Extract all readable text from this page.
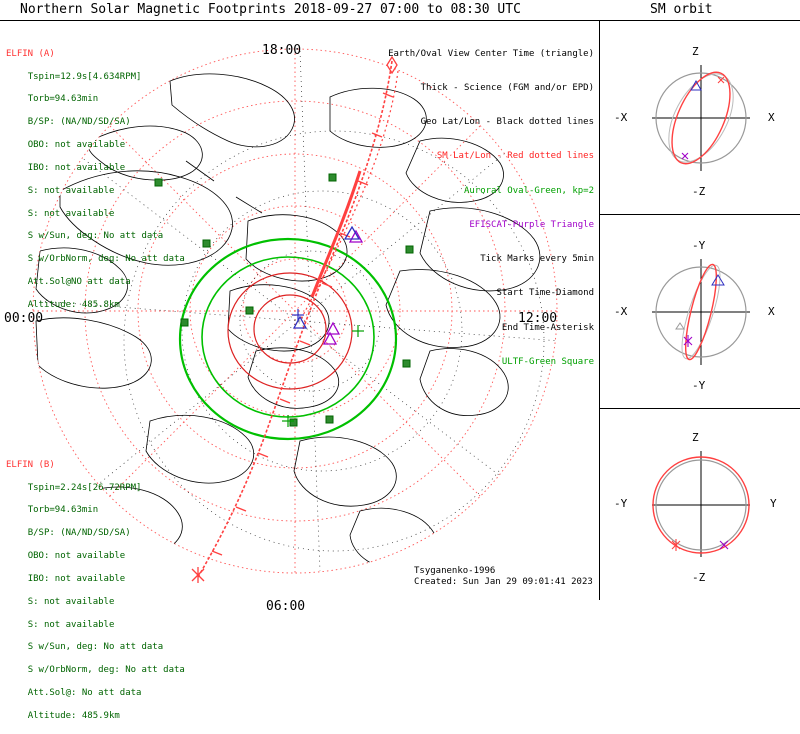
Northern Solar Magnetic Footprints 2018-09-27 07:00 to 08:30 UTC	SM orbit
18:00
12:00
06:00
00:00

ELFIN (A)

Tspin=12.9s[4.634RPM]

Torb=94.63min

B/SP: (NA/ND/SD/SA)

OBO: not available

IBO: not available

S: not available

S: not available

S w/Sun, deg: No att data

S w/OrbNorm, deg: No att data

Att.Sol@NO att data

Altitude: 485.8km

ELFIN (B)

Tspin=2.24s[26.72RPM]

Torb=94.63min

B/SP: (NA/ND/SD/SA)

OBO: not available

IBO: not available

S: not available

S: not available

S w/Sun, deg: No att data

S w/OrbNorm, deg: No att data

Att.Sol@: No att data

Altitude: 485.9km

Earth/Oval View Center Time (triangle)

Thick - Science (FGM and/or EPD)

Geo Lat/Lon - Black dotted lines

SM Lat/Lon - Red dotted lines

Auroral Oval-Green, kp=2

EFISCAT-Purple Triangle

Tick Marks every 5min

Start Time-Diamond

End Time-Asterisk

ULTF-Green Square

Tsyganenko-1996
Created: Sun Jan 29 09:01:41 2023
Z
-Z
-X	X
-Y
-Y
-X	X
Z
-Z
-Y	Y
